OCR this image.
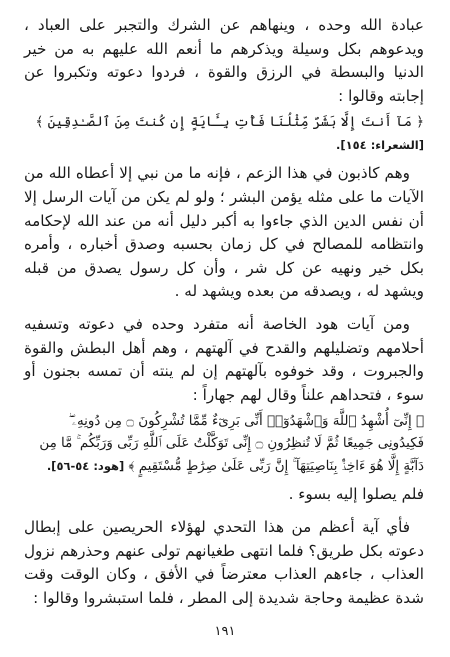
عبادة الله وحده ، وينهاهم عن الشرك والتجبر على العباد ، ويدعوهم بكل وسيلة ويذكرهم ما أنعم الله عليهم به من خير الدنيا والبسطة في الرزق والقوة ، فردوا دعوته وتكبروا عن إجابته وقالوا :

﴿ مَآ أَنتَ إِلَّا بَشَرٌ مِّثْلُنَا فَأْتِ بِـَٔايَةٍ إِن كُنتَ مِنَ ٱلصَّـٰدِقِينَ ﴾ [الشعراء: ١٥٤].

وهم كاذبون في هذا الزعم ، فإنه ما من نبي إلا أعطاه الله من الآيات ما على مثله يؤمن البشر ؛ ولو لم يكن من آيات الرسل إلا أن نفس الدين الذي جاءوا به أكبر دليل أنه من عند الله لإحكامه وانتظامه للمصالح في كل زمان بحسبه وصدق أخباره ، وأمره بكل خير ونهيه عن كل شر ، وأن كل رسول يصدق من قبله ويشهد له ، ويصدقه من بعده ويشهد له .

ومن آيات هود الخاصة أنه متفرد وحده في دعوته وتسفيه أحلامهم وتضليلهم والقدح في آلهتهم ، وهم أهل البطش والقوة والجبروت ، وقد خوفوه بآلهتهم إن لم ينته أن تمسه بجنون أو سوء ، فتحداهم علناً وقال لهم جهاراً :

﴿ إِنِّىٓ أُشْهِدُ ٱللَّهَ وَٱشْهَدُوٓا۟ أَنِّى بَرِىٓءٌ مِّمَّا تُشْرِكُونَ ۝ مِن دُونِهِۦ ۖ فَكِيدُونِى جَمِيعًا ثُمَّ لَا تُنظِرُونِ ۝ إِنِّى تَوَكَّلْتُ عَلَى ٱللَّهِ رَبِّى وَرَبِّكُم ۚ مَّا مِن دَآبَّةٍ إِلَّا هُوَ ءَاخِذٌۢ بِنَاصِيَتِهَآ ۚ إِنَّ رَبِّى عَلَىٰ صِرَٰطٍ مُّسْتَقِيمٍ ﴾ [هود: ٥٤-٥٦].

فلم يصلوا إليه بسوء .

فأي آية أعظم من هذا التحدي لهؤلاء الحريصين على إبطال دعوته بكل طريق؟ فلما انتهى طغيانهم تولى عنهم وحذرهم نزول العذاب ، جاءهم العذاب معترضاً في الأفق ، وكان الوقت وقت شدة عظيمة وحاجة شديدة إلى المطر ، فلما استبشروا وقالوا :

١٩١
